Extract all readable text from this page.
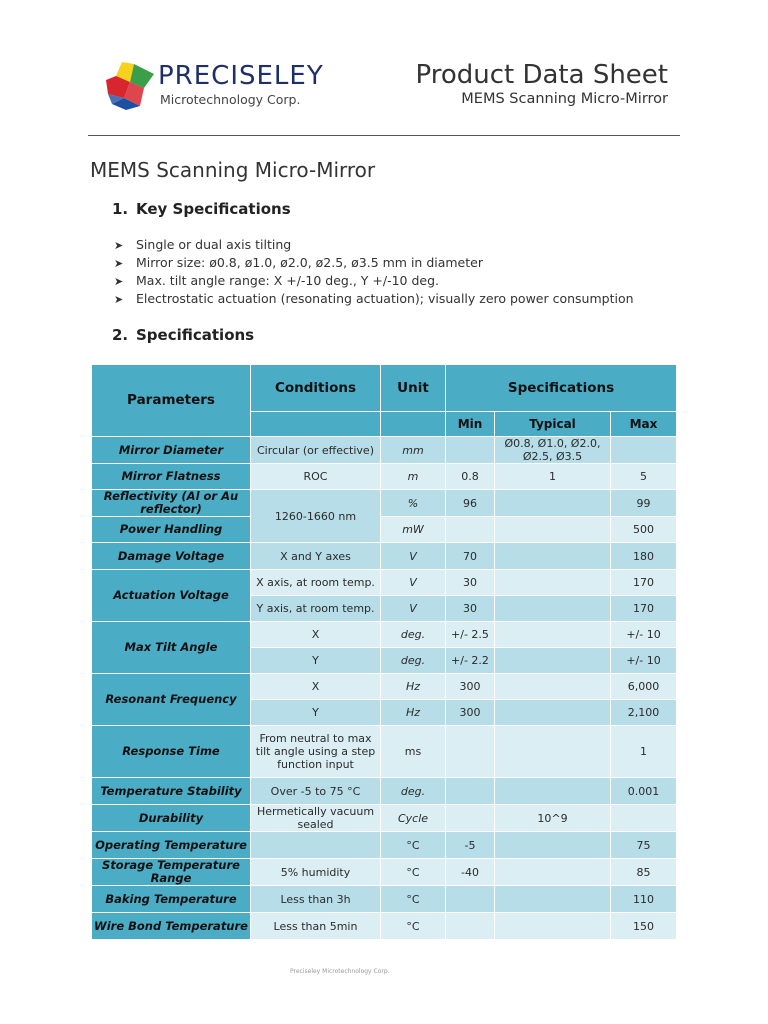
PRECISELEY
Microtechnology Corp.
Product Data Sheet
MEMS Scanning Micro-Mirror
MEMS Scanning Micro-Mirror
1. Key Specifications
➤ Single or dual axis tilting
➤ Mirror size: ø0.8, ø1.0, ø2.0, ø2.5, ø3.5 mm in diameter
➤ Max. tilt angle range: X +/-10 deg., Y +/-10 deg.
➤ Electrostatic actuation (resonating actuation); visually zero power consumption
2. Specifications
Parameters	Conditions	Unit	Specifications		
			Min	Typical	Max
Mirror Diameter	Circular (or effective)	mm		Ø0.8, Ø1.0, Ø2.0, Ø2.5, Ø3.5	
Mirror Flatness	ROC	m	0.8	1	5
Reflectivity (Al or Au reflector)	1260-1660 nm	%	96		99
Power Handling		mW			500
Damage Voltage	X and Y axes	V	70		180
Actuation Voltage	X axis, at room temp.	V	30		170
	Y axis, at room temp.	V	30		170
Max Tilt Angle	X	deg.	+/- 2.5		+/- 10
	Y	deg.	+/- 2.2		+/- 10
Resonant Frequency	X	Hz	300		6,000
	Y	Hz	300		2,100
Response Time	From neutral to max tilt angle using a step function input	ms			1
Temperature Stability	Over -5 to 75 °C	deg.			0.001
Durability	Hermetically vacuum sealed	Cycle		10^9	
Operating Temperature		°C	-5		75
Storage Temperature Range	5% humidity	°C	-40		85
Baking Temperature	Less than 3h	°C			110
Wire Bond Temperature	Less than 5min	°C			150
Preciseley Microtechnology Corp.
